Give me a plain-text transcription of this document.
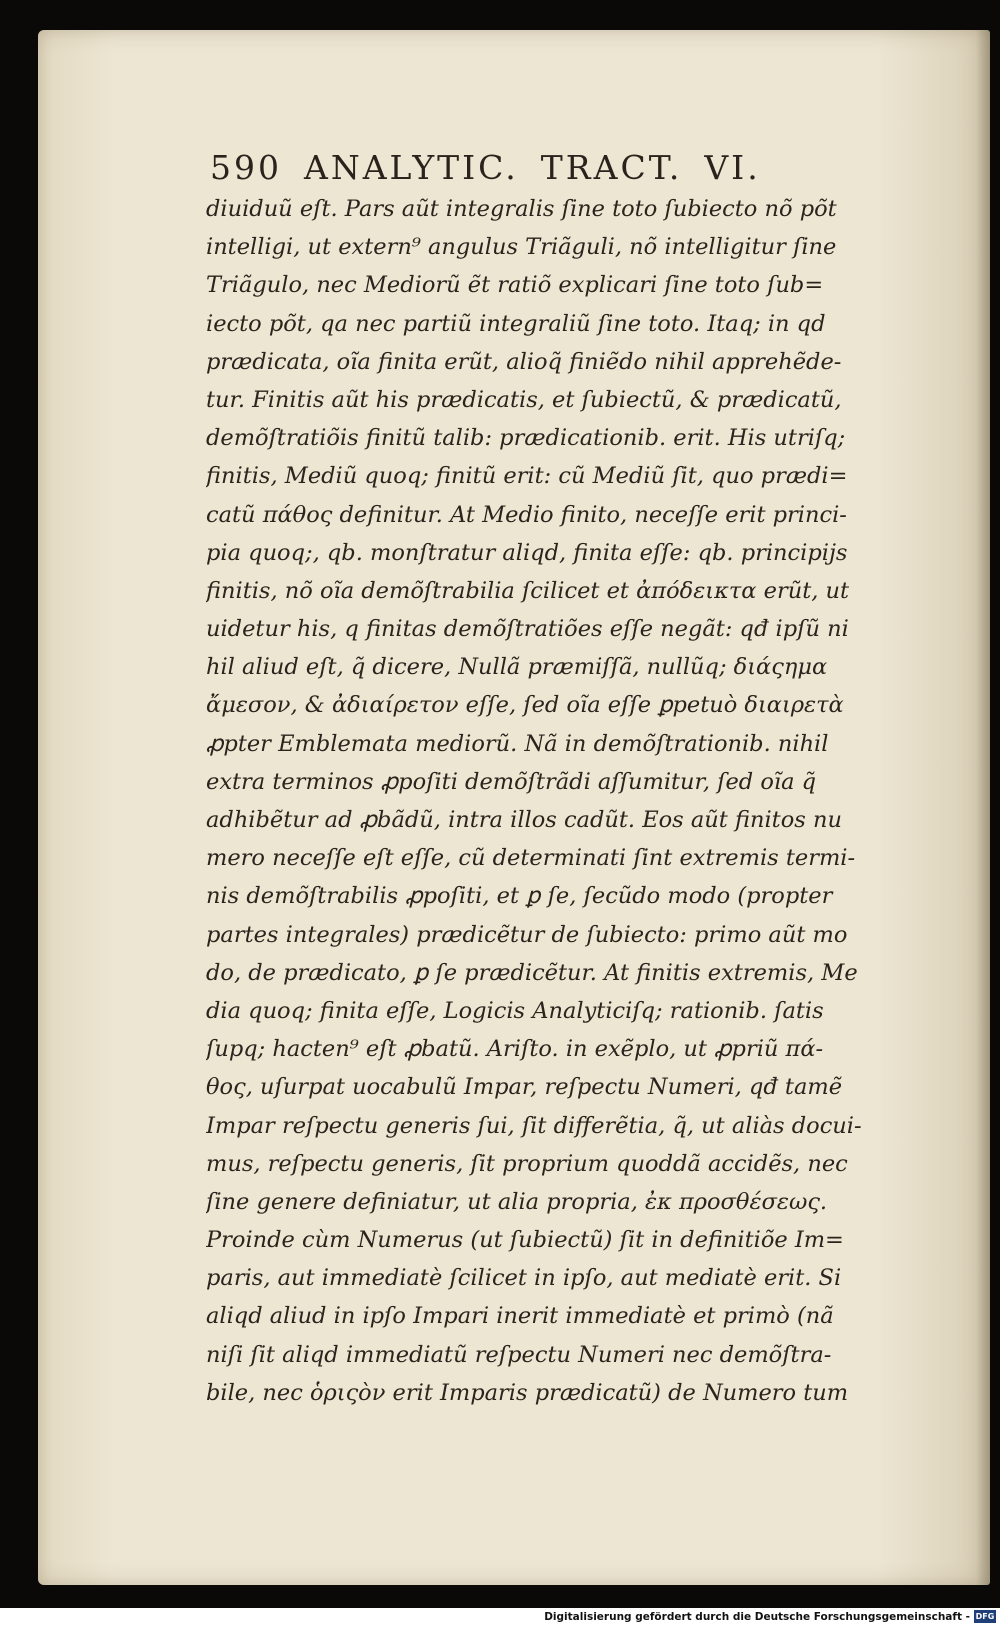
590 ANALYTIC. TRACT. VI.
diuiduũ eſt. Pars aũt integralis ſine toto ſubiecto nõ põt
intelligi, ut extern⁹ angulus Triãguli, nõ intelligitur ſine
Triãgulo, nec Mediorũ ẽt ratiõ explicari ſine toto ſub=
iecto põt, qa nec partiũ integraliũ ſine toto. Itaq; in qd
prædicata, oĩa finita erũt, alioq̃ finiẽdo nihil apprehẽde-
tur. Finitis aũt his prædicatis, et ſubiectũ, & prædicatũ,
demõſtratiõis finitũ talib: prædicationib. erit. His utriſq;
finitis, Mediũ quoq; finitũ erit: cũ Mediũ ſit, quo prædi=
catũ πάθος definitur. At Medio finito, neceſſe erit princi-
pia quoq;, qb. monſtratur aliqd, finita eſſe: qb. principijs
finitis, nõ oĩa demõſtrabilia ſcilicet et ἀπόδεικτα erũt, ut
uidetur his, q finitas demõſtratiões eſſe negãt: qđ ipſũ ni
hil aliud eſt, q̃ dicere, Nullã præmiſſã, nullũq; διάςημα
ἄμεσον, & ἀδιαίρετον eſſe, ſed oĩa eſſe ꝑpetuò διαιρετὰ
ꝓpter Emblemata mediorũ. Nã in demõſtrationib. nihil
extra terminos ꝓpoſiti demõſtrãdi aſſumitur, ſed oĩa q̃
adhibẽtur ad ꝓbãdũ, intra illos cadũt. Eos aũt finitos nu
mero neceſſe eſt eſſe, cũ determinati ſint extremis termi-
nis demõſtrabilis ꝓpoſiti, et ꝑ ſe, ſecũdo modo (propter
partes integrales) prædicẽtur de ſubiecto: primo aũt mo
do, de prædicato, ꝑ ſe prædicẽtur. At finitis extremis, Me
dia quoq; finita eſſe, Logicis Analyticiſq; rationib. ſatis
ſupq; hacten⁹ eſt ꝓbatũ. Ariſto. in exẽplo, ut ꝓpriũ πά-
θος, uſurpat uocabulũ Impar, reſpectu Numeri, qđ tamẽ
Impar reſpectu generis ſui, ſit differẽtia, q̃, ut aliàs docui-
mus, reſpectu generis, ſit proprium quoddã accidẽs, nec
ſine genere definiatur, ut alia propria, ἐκ προσθέσεως.
Proinde cùm Numerus (ut ſubiectũ) ſit in definitiõe Im=
paris, aut immediatè ſcilicet in ipſo, aut mediatè erit. Si
aliqd aliud in ipſo Impari inerit immediatè et primò (nã
niſi ſit aliqd immediatũ reſpectu Numeri nec demõſtra-
bile, nec ὁριςὸν erit Imparis prædicatũ) de Numero tum
Digitalisierung gefördert durch die Deutsche Forschungsgemeinschaft - DFG
